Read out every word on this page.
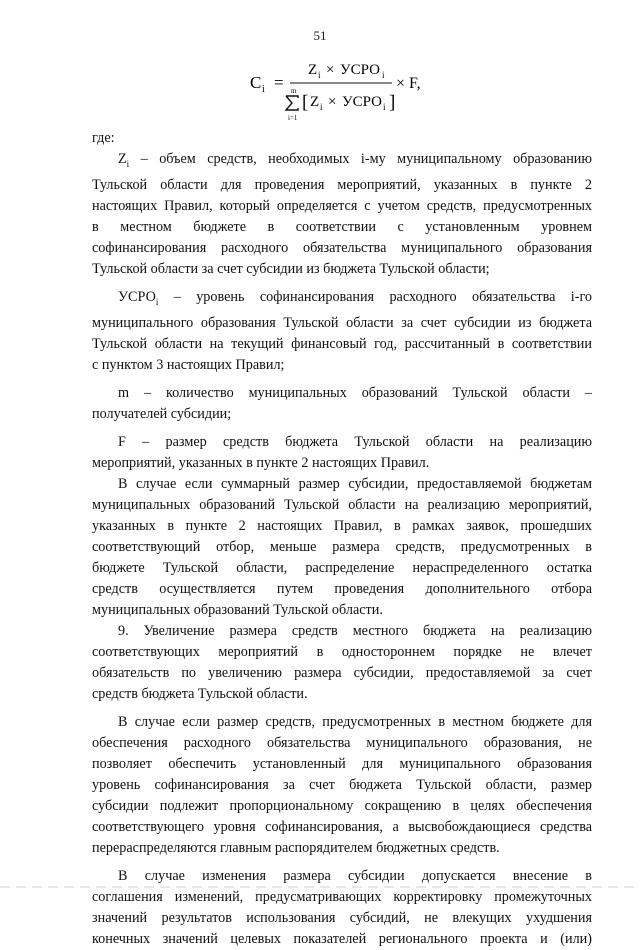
51
C i =
Z i × УСРО i
m
i=1
[ Z i × УСРО i ]
× F,

где:

$Z_i$ – объем средств, необходимых i-му муниципальному образованию

Тульской области для проведения мероприятий, указанных в пункте 2

настоящих Правил, который определяется с учетом средств, предусмотренных

в местном бюджете в соответствии с установленным уровнем

софинансирования расходного обязательства муниципального образования

Тульской области за счет субсидии из бюджета Тульской области;

$УСРО_i$ – уровень софинансирования расходного обязательства i-го

муниципального образования Тульской области за счет субсидии из бюджета

Тульской области на текущий финансовый год, рассчитанный в соответствии

с пунктом 3 настоящих Правил;

m – количество муниципальных образований Тульской области –

получателей субсидии;

F – размер средств бюджета Тульской области на реализацию

мероприятий, указанных в пункте 2 настоящих Правил.

В случае если суммарный размер субсидии, предоставляемой бюджетам

муниципальных образований Тульской области на реализацию мероприятий,

указанных в пункте 2 настоящих Правил, в рамках заявок, прошедших

соответствующий отбор, меньше размера средств, предусмотренных в

бюджете Тульской области, распределение нераспределенного остатка

средств осуществляется путем проведения дополнительного отбора

муниципальных образований Тульской области.

9. Увеличение размера средств местного бюджета на реализацию

соответствующих мероприятий в одностороннем порядке не влечет

обязательств по увеличению размера субсидии, предоставляемой за счет

средств бюджета Тульской области.

В случае если размер средств, предусмотренных в местном бюджете для

обеспечения расходного обязательства муниципального образования, не

позволяет обеспечить установленный для муниципального образования

уровень софинансирования за счет бюджета Тульской области, размер

субсидии подлежит пропорциональному сокращению в целях обеспечения

соответствующего уровня софинансирования, а высвобождающиеся средства

перераспределяются главным распорядителем бюджетных средств.

В случае изменения размера субсидии допускается внесение в

соглашения изменений, предусматривающих корректировку промежуточных

значений результатов использования субсидий, не влекущих ухудшения

конечных значений целевых показателей регионального проекта и (или)
